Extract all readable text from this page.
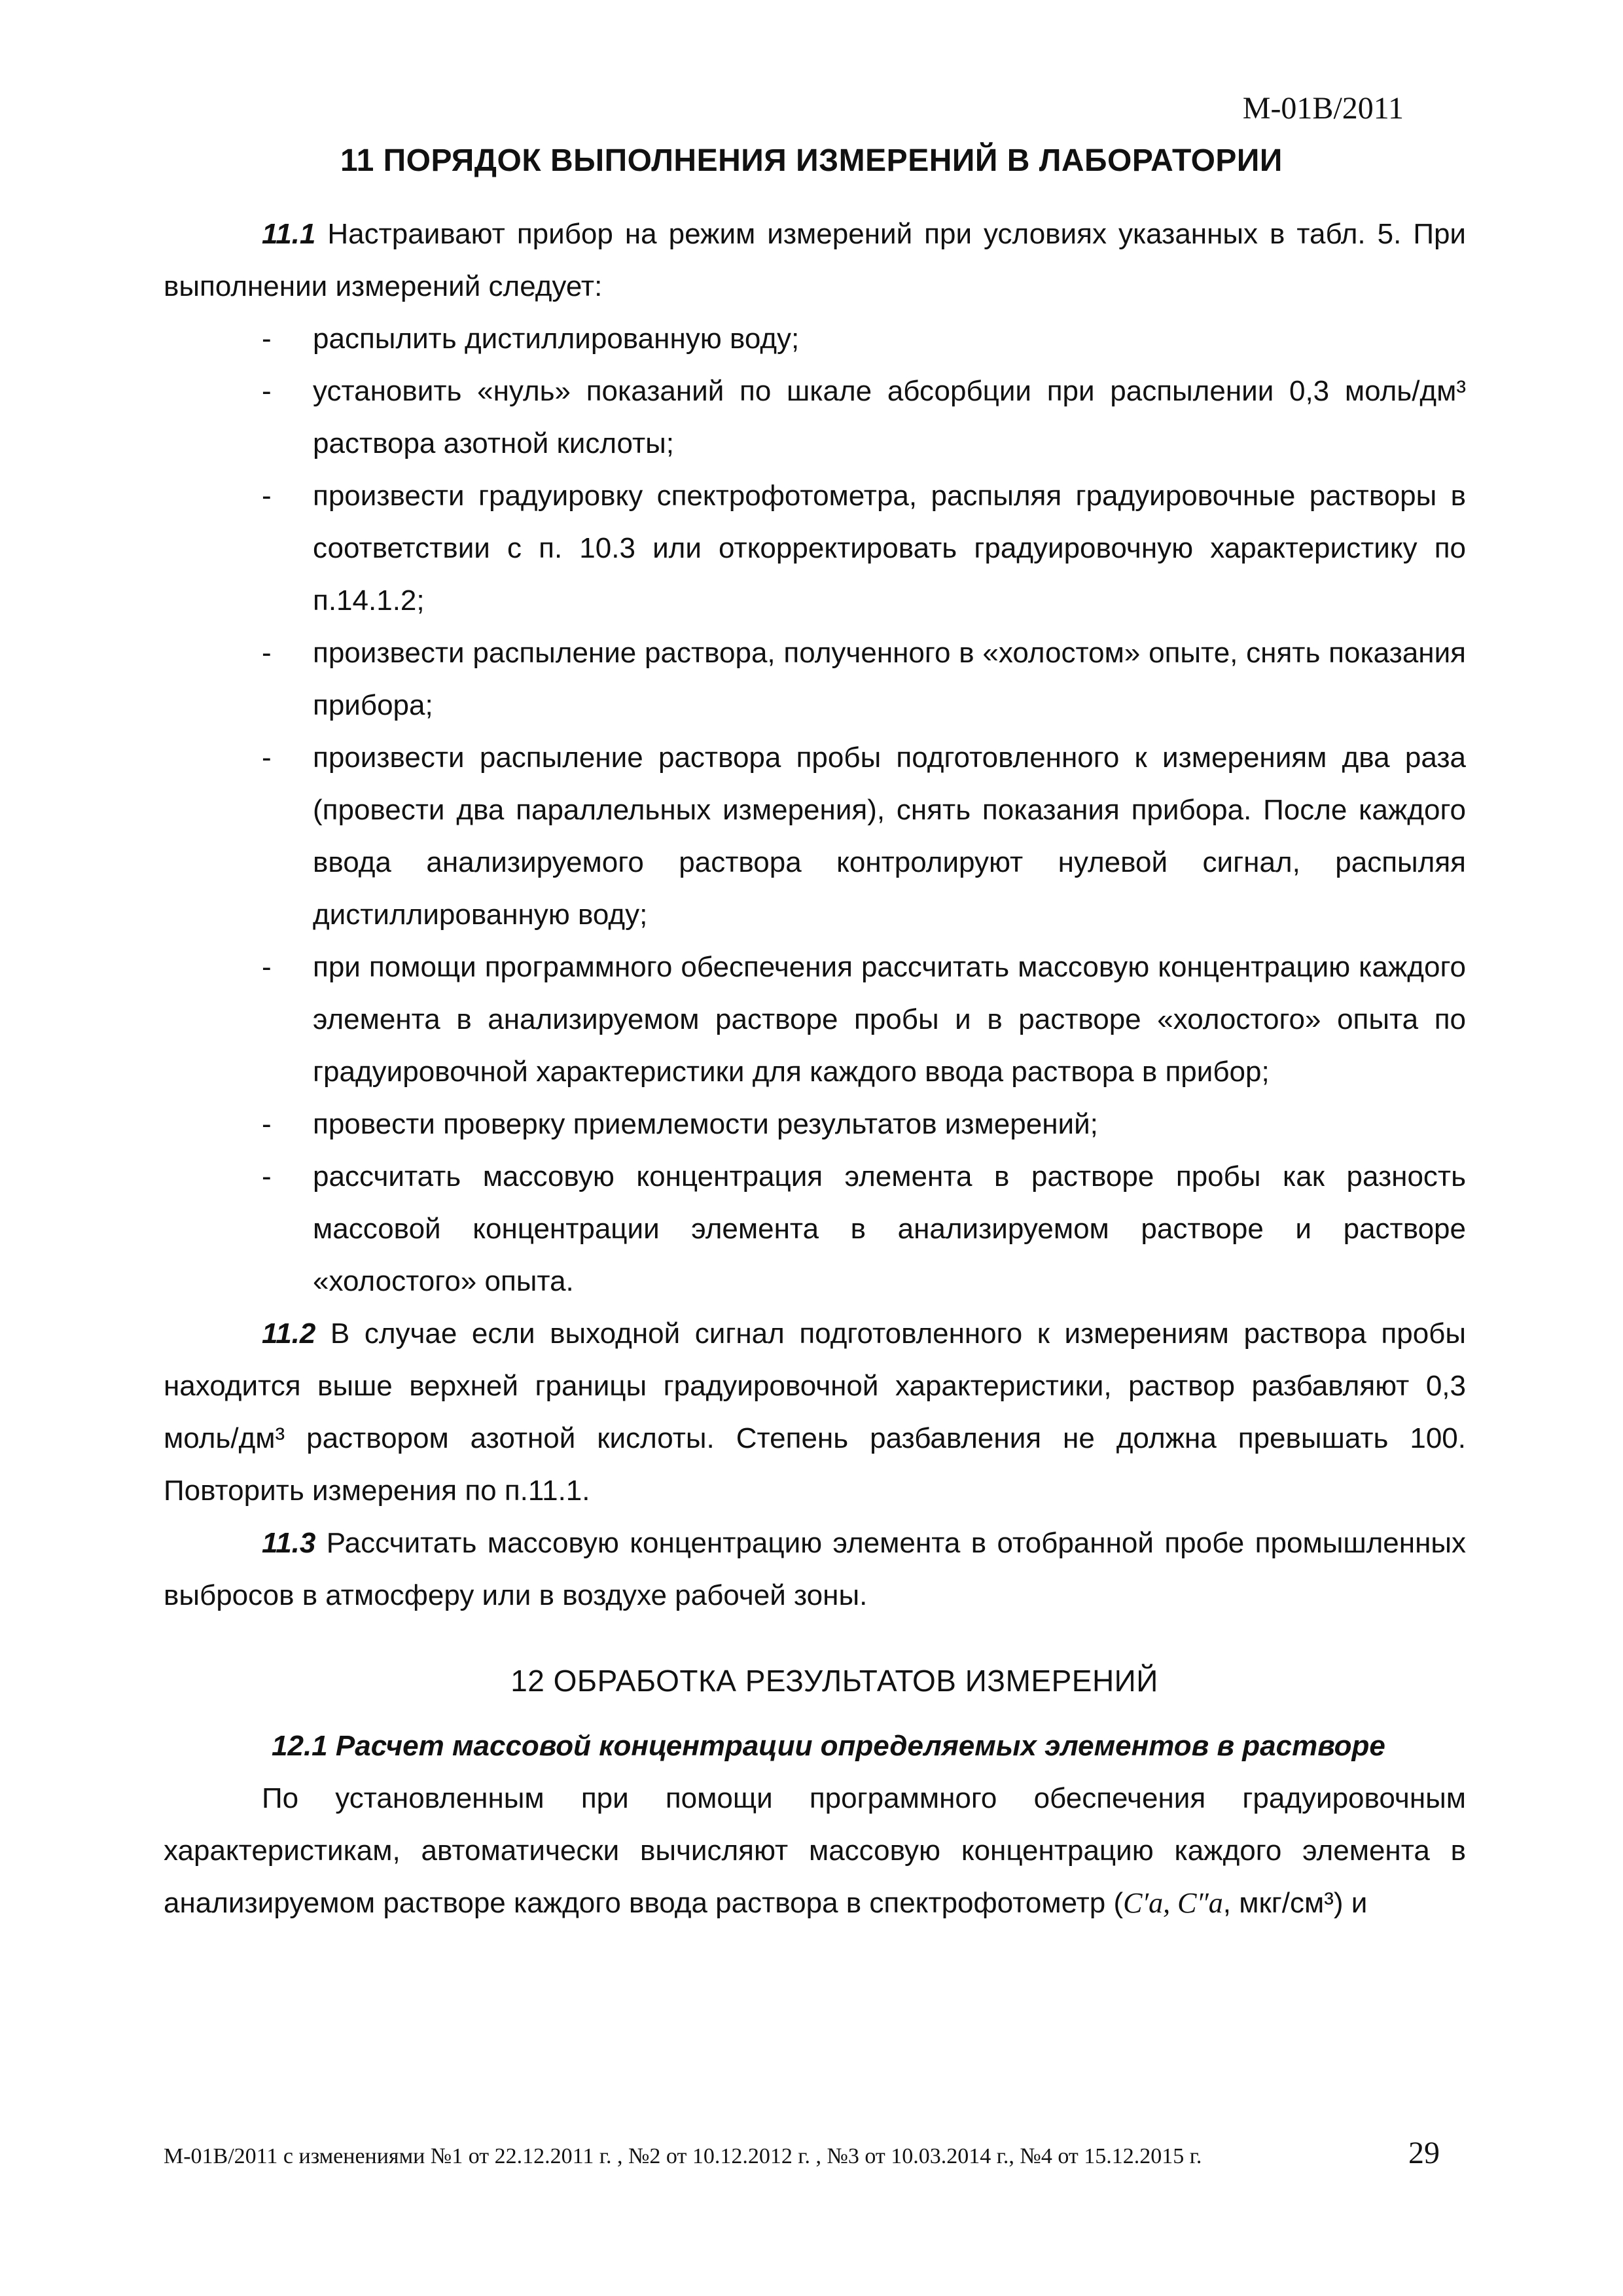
М-01В/2011
11 ПОРЯДОК ВЫПОЛНЕНИЯ ИЗМЕРЕНИЙ В ЛАБОРАТОРИИ
11.1 Настраивают прибор на режим измерений при условиях указанных в табл. 5. При выполнении измерений следует:
- распылить дистиллированную воду;
- установить «нуль» показаний по шкале абсорбции при распылении 0,3 моль/дм³ раствора азотной кислоты;
- произвести градуировку спектрофотометра, распыляя градуировочные растворы в соответствии с п. 10.3 или откорректировать градуировочную характеристику по п.14.1.2;
- произвести распыление раствора, полученного в «холостом» опыте, снять показания прибора;
- произвести распыление раствора пробы подготовленного к измерениям два раза (провести два параллельных измерения), снять показания прибора. После каждого ввода анализируемого раствора контролируют нулевой сигнал, распыляя дистиллированную воду;
- при помощи программного обеспечения рассчитать массовую концентрацию каждого элемента в анализируемом растворе пробы и в растворе «холостого» опыта по градуировочной характеристики для каждого ввода раствора в прибор;
- провести проверку приемлемости результатов измерений;
- рассчитать массовую концентрация элемента в растворе пробы как разность массовой концентрации элемента в анализируемом растворе и растворе «холостого» опыта.
11.2 В случае если выходной сигнал подготовленного к измерениям раствора пробы находится выше верхней границы градуировочной характеристики, раствор разбавляют 0,3 моль/дм³ раствором азотной кислоты. Степень разбавления не должна превышать 100. Повторить измерения по п.11.1.
11.3 Рассчитать массовую концентрацию элемента в отобранной пробе промышленных выбросов в атмосферу или в воздухе рабочей зоны.
12 ОБРАБОТКА РЕЗУЛЬТАТОВ ИЗМЕРЕНИЙ
12.1 Расчет массовой концентрации определяемых элементов в растворе
По установленным при помощи программного обеспечения градуировочным характеристикам, автоматически вычисляют массовую концентрацию каждого элемента в анализируемом растворе каждого ввода раствора в спектрофотометр (C′a, C″a, мкг/см³) и
М-01В/2011 с изменениями №1 от 22.12.2011 г. , №2 от 10.12.2012 г. , №3 от 10.03.2014 г., №4 от 15.12.2015 г.	29
